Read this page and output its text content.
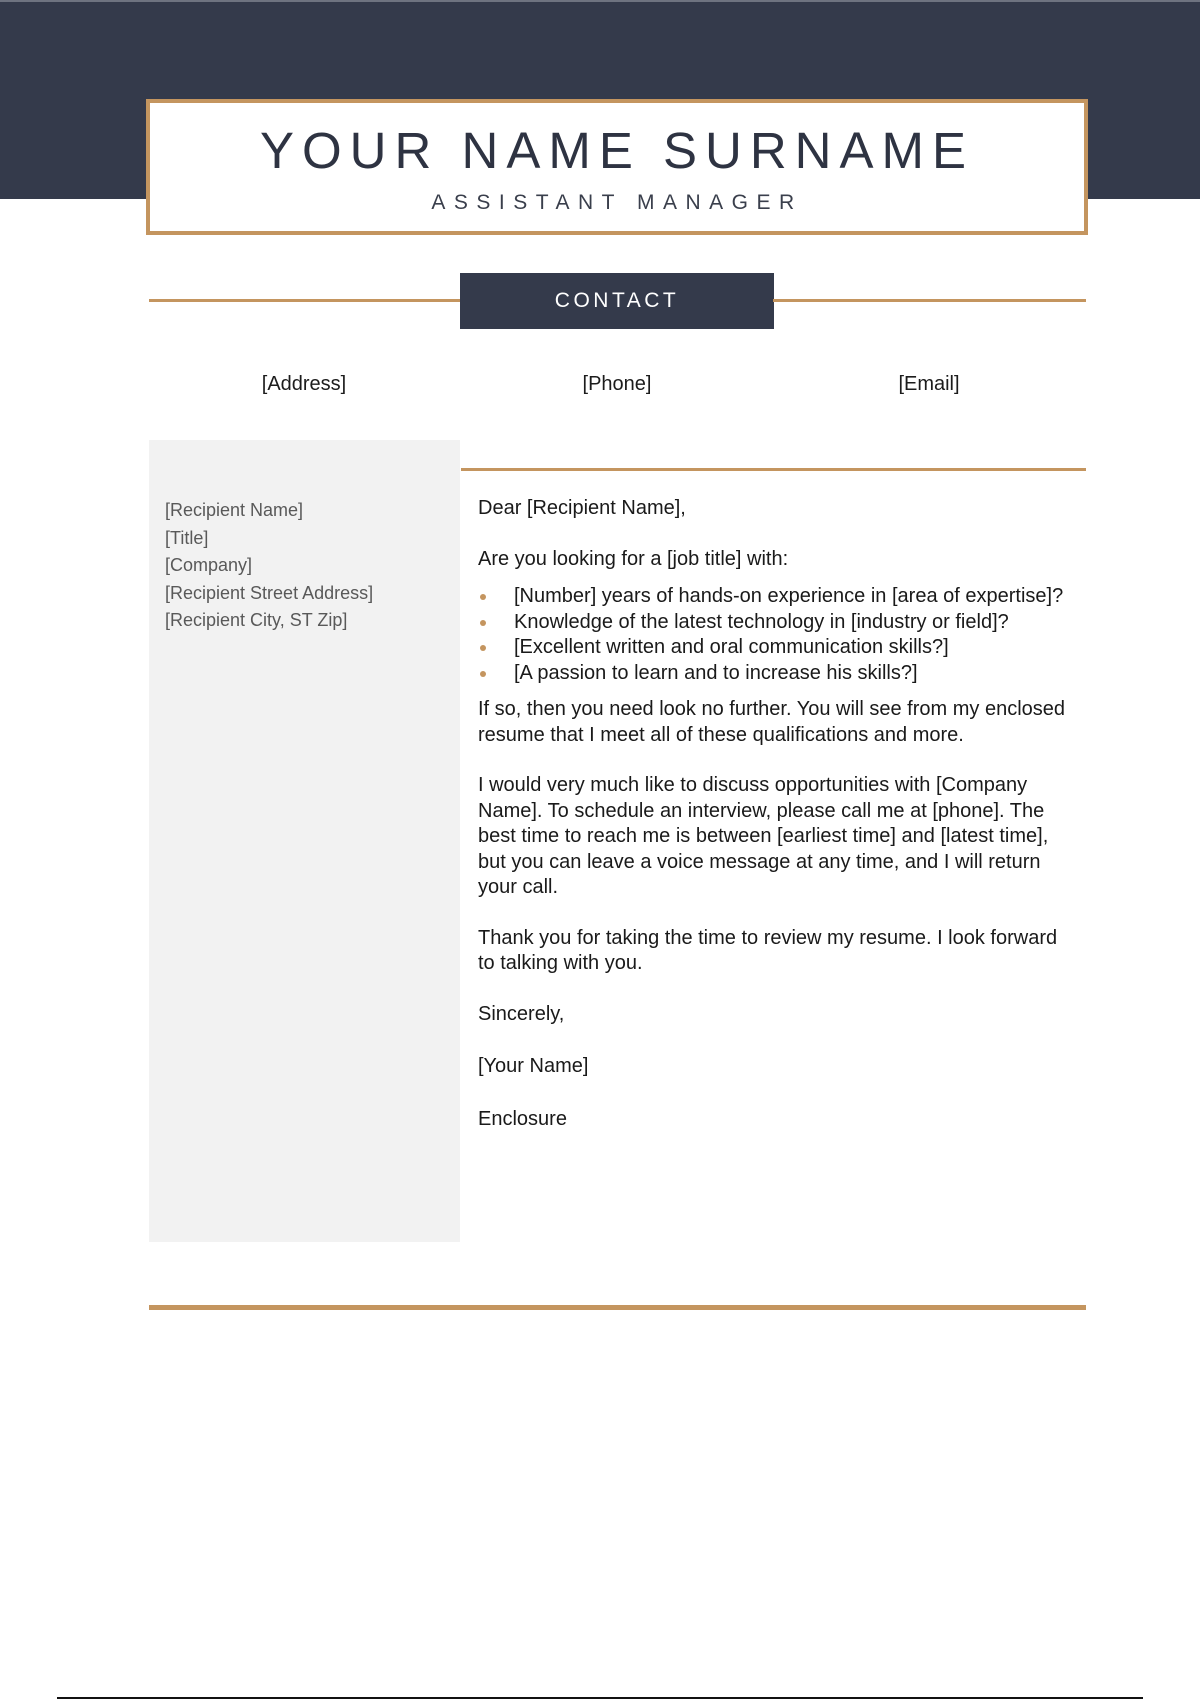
YOUR NAME SURNAME
ASSISTANT MANAGER
CONTACT
[Address]	[Phone]	[Email]
[Recipient Name]
[Title]
[Company]
[Recipient Street Address]
[Recipient City, ST Zip]

Dear [Recipient Name],

Are you looking for a [job title] with:

[Number] years of hands-on experience in [area of expertise]?
Knowledge of the latest technology in [industry or field]?
[Excellent written and oral communication skills?]
[A passion to learn and to increase his skills?]

If so, then you need look no further. You will see from my enclosed resume that I meet all of these qualifications and more.

I would very much like to discuss opportunities with [Company Name]. To schedule an interview, please call me at [phone]. The best time to reach me is between [earliest time] and [latest time], but you can leave a voice message at any time, and I will return your call.

Thank you for taking the time to review my resume. I look forward to talking with you.

Sincerely,

[Your Name]

Enclosure
